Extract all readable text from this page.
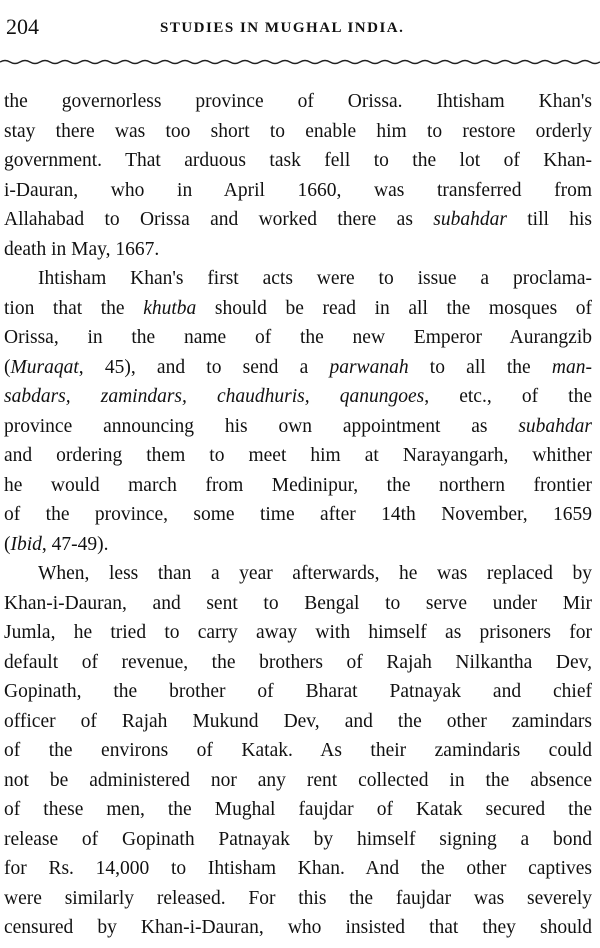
204	STUDIES IN MUGHAL INDIA.
the governorless province of Orissa. Ihtisham Khan's
stay there was too short to enable him to restore orderly
government. That arduous task fell to the lot of Khan-
i-Dauran, who in April 1660, was transferred from
Allahabad to Orissa and worked there as subahdar till his
death in May, 1667.
Ihtisham Khan's first acts were to issue a proclama-
tion that the khutba should be read in all the mosques of
Orissa, in the name of the new Emperor Aurangzib
(Muraqat, 45), and to send a parwanah to all the man-
sabdars, zamindars, chaudhuris, qanungoes, etc., of the
province announcing his own appointment as subahdar
and ordering them to meet him at Narayangarh, whither
he would march from Medinipur, the northern frontier
of the province, some time after 14th November, 1659
(Ibid, 47-49).
When, less than a year afterwards, he was replaced by
Khan-i-Dauran, and sent to Bengal to serve under Mir
Jumla, he tried to carry away with himself as prisoners for
default of revenue, the brothers of Rajah Nilkantha Dev,
Gopinath, the brother of Bharat Patnayak and chief
officer of Rajah Mukund Dev, and the other zamindars
of the environs of Katak. As their zamindaris could
not be administered nor any rent collected in the absence
of these men, the Mughal faujdar of Katak secured the
release of Gopinath Patnayak by himself signing a bond
for Rs. 14,000 to Ihtisham Khan. And the other captives
were similarly released. For this the faujdar was severely
censured by Khan-i-Dauran, who insisted that they should
